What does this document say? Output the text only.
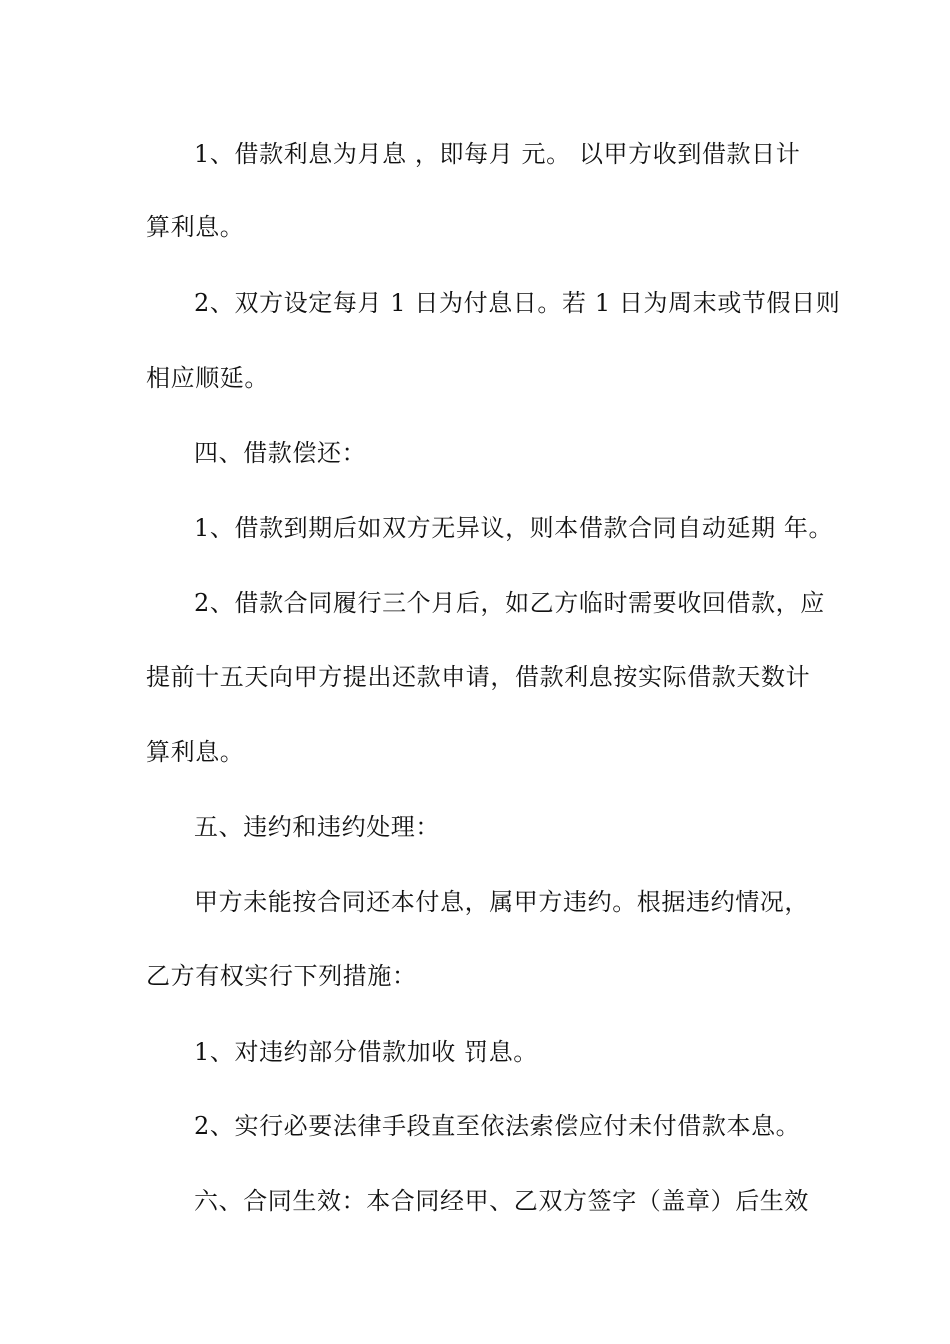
1、借款利息为月息 ，即每月 元。 以甲方收到借款日计
算利息。
2、双方设定每月 1 日为付息日。若 1 日为周末或节假日则
相应顺延。
四、借款偿还：
1、借款到期后如双方无异议，则本借款合同自动延期 年。
2、借款合同履行三个月后，如乙方临时需要收回借款，应
提前十五天向甲方提出还款申请，借款利息按实际借款天数计
算利息。
五、违约和违约处理：
甲方未能按合同还本付息，属甲方违约。根据违约情况，
乙方有权实行下列措施：
1、对违约部分借款加收 罚息。
2、实行必要法律手段直至依法索偿应付未付借款本息。
六、合同生效：本合同经甲、乙双方签字（盖章）后生效
